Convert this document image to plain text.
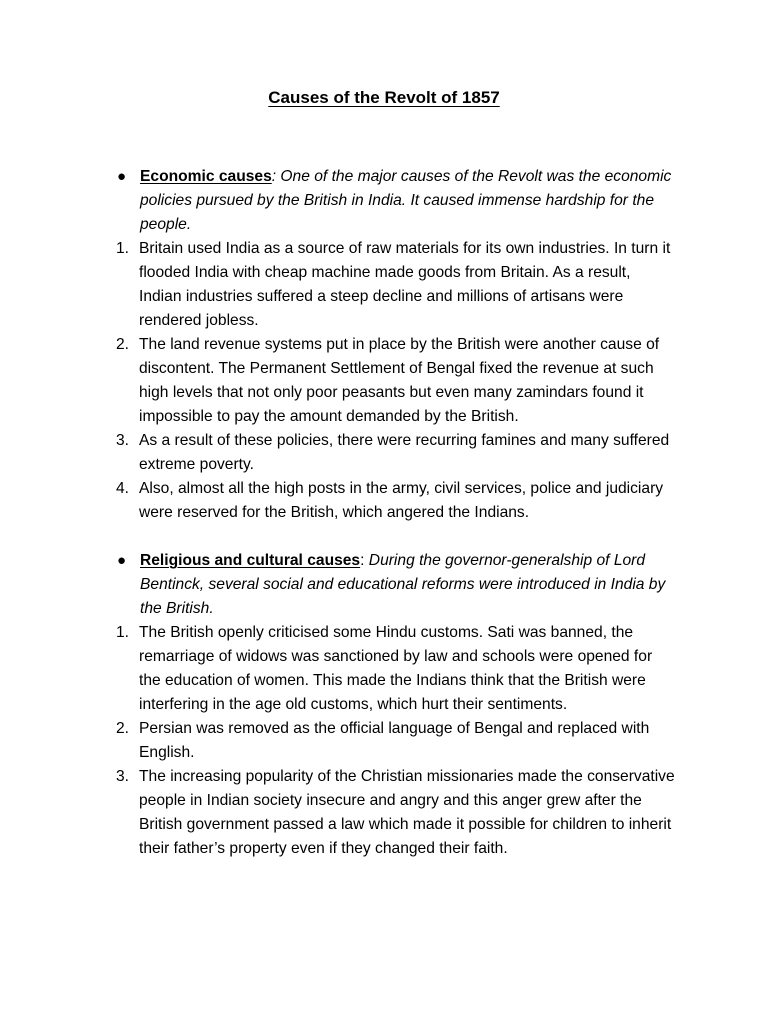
Causes of the Revolt of 1857
● Economic causes: One of the major causes of the Revolt was the economic policies pursued by the British in India. It caused immense hardship for the people.
1. Britain used India as a source of raw materials for its own industries. In turn it flooded India with cheap machine made goods from Britain. As a result, Indian industries suffered a steep decline and millions of artisans were rendered jobless.
2. The land revenue systems put in place by the British were another cause of discontent. The Permanent Settlement of Bengal fixed the revenue at such high levels that not only poor peasants but even many zamindars found it impossible to pay the amount demanded by the British.
3. As a result of these policies, there were recurring famines and many suffered extreme poverty.
4. Also, almost all the high posts in the army, civil services, police and judiciary were reserved for the British, which angered the Indians.
● Religious and cultural causes: During the governor-generalship of Lord Bentinck, several social and educational reforms were introduced in India by the British.
1. The British openly criticised some Hindu customs. Sati was banned, the remarriage of widows was sanctioned by law and schools were opened for the education of women. This made the Indians think that the British were interfering in the age old customs, which hurt their sentiments.
2. Persian was removed as the official language of Bengal and replaced with English.
3. The increasing popularity of the Christian missionaries made the conservative people in Indian society insecure and angry and this anger grew after the British government passed a law which made it possible for children to inherit their father’s property even if they changed their faith.
